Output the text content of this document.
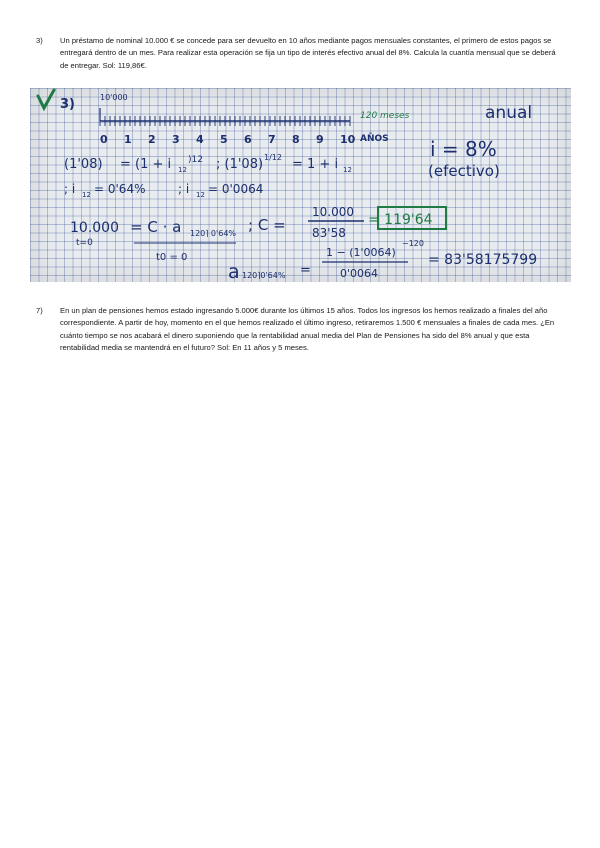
3)	Un préstamo de nominal 10.000 € se concede para ser devuelto en 10 años mediante pagos mensuales constantes, el primero de estos pagos se entregará dentro de un mes. Para realizar esta operación se fija un tipo de interés efectivo anual del 8%. Calcula la cuantía mensual que se deberá de entregar. Sol: 119,86€.
3)	10'000
120 meses
0 1 2 3 4 5 6 7 8 9 10 AÑOS
anual
i = 8%
(efectivo)
(1'08) = (1 + i 12
)12 ; (1'08) 1/12 = 1 + i 12
; i 12 = 0'64%	; i 12 = 0'0064
10.000
t=0
= C · a 120⌉ 0'64%
t0 = 0
; C =
10.000
83'58
= 119'64
a 120⌉0'64% =
1 − (1'0064)
−120
0'0064
= 83'58175799
7)	En un plan de pensiones hemos estado ingresando 5.000€ durante los últimos 15 años. Todos los ingresos los hemos realizado a finales del año correspondiente. A partir de hoy, momento en el que hemos realizado el último ingreso, retiraremos 1.500 € mensuales a finales de cada mes. ¿En cuánto tiempo se nos acabará el dinero suponiendo que la rentabilidad anual media del Plan de Pensiones ha sido del 8% anual y que esta rentabilidad media se mantendrá en el futuro? Sol: En 11 años y 5 meses.
